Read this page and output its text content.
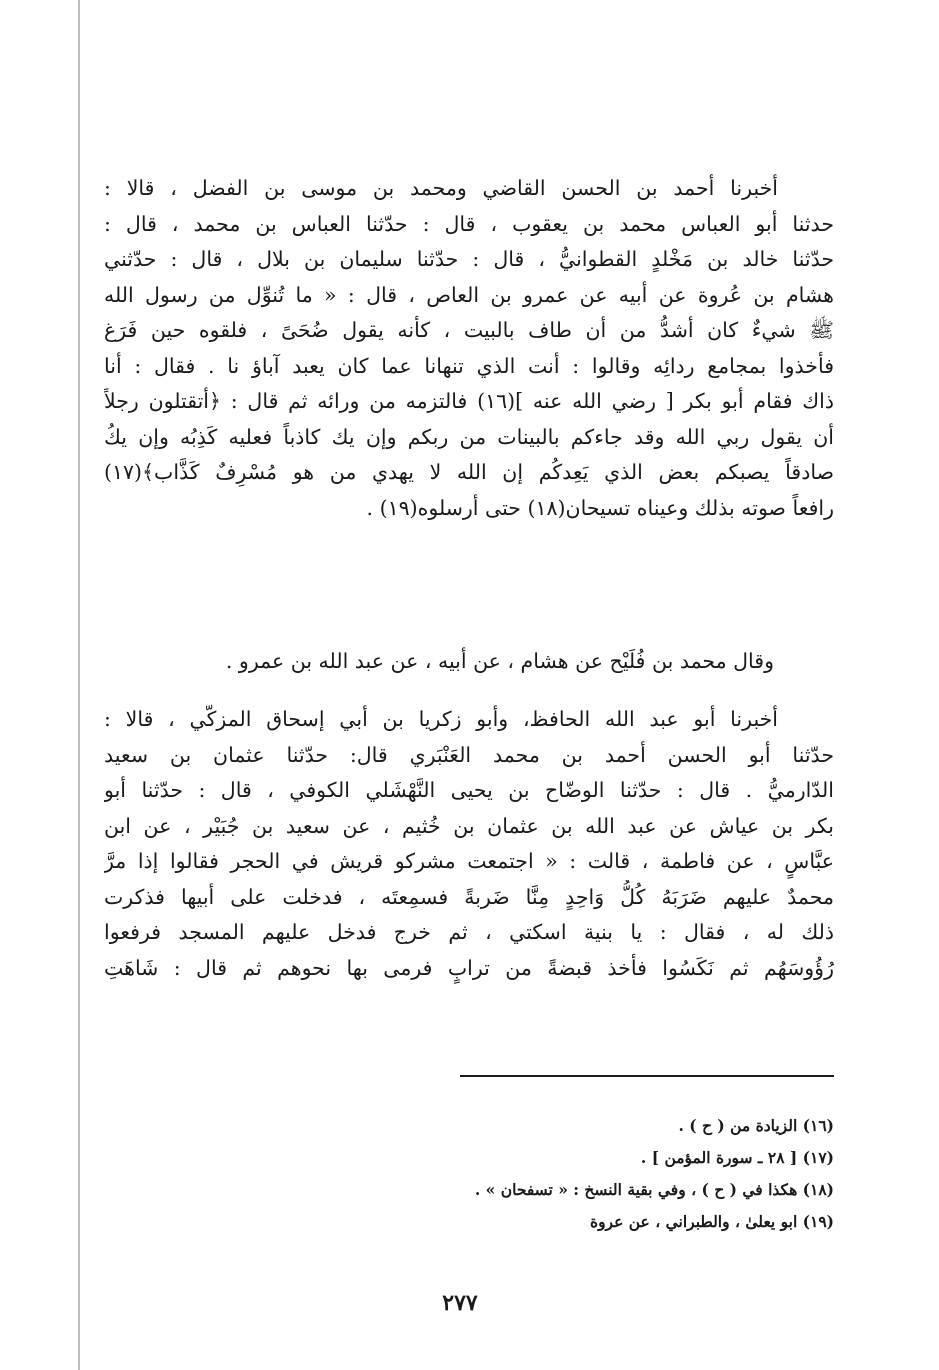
أخبرنا أحمد بن الحسن القاضي ومحمد بن موسى بن الفضل ، قالا :
حدثنا أبو العباس محمد بن يعقوب ، قال : حدّثنا العباس بن محمد ، قال :
حدّثنا خالد بن مَخْلدٍ القطوانيُّ ، قال : حدّثنا سليمان بن بلال ، قال : حدّثني
هشام بن عُروة عن أبيه عن عمرو بن العاص ، قال : « ما تُنوِّل من رسول الله
ﷺ شيءٌ كان أشدُّ من أن طاف بالبيت ، كأنه يقول ضُحَىً ، فلقوه حين فَرَغ
فأخذوا بمجامع ردائِه وقالوا : أنت الذي تنهانا عما كان يعبد آباؤ نا . فقال : أنا
ذاك فقام أبو بكر [ رضي الله عنه ](١٦) فالتزمه من ورائه ثم قال : ﴿أتقتلون رجلاً
أن يقول ربي الله وقد جاءكم بالبينات من ربكم وإن يك كاذباً فعليه كَذِبُه وإن يكُ
صادقاً يصبكم بعض الذي يَعِدكُم إن الله لا يهدي من هو مُسْرِفٌ كَذَّاب﴾(١٧)
رافعاً صوته بذلك وعيناه تسيحان(١٨) حتى أرسلوه(١٩) .
وقال محمد بن فُلَيْح عن هشام ، عن أبيه ، عن عبد الله بن عمرو .
أخبرنا أبو عبد الله الحافظ، وأبو زكريا بن أبي إسحاق المزكّي ، قالا :
حدّثنا أبو الحسن أحمد بن محمد العَنْبَري قال: حدّثنا عثمان بن سعيد
الدّارميُّ . قال : حدّثنا الوضّاح بن يحيى النَّهْشَلي الكوفي ، قال : حدّثنا أبو
بكر بن عياش عن عبد الله بن عثمان بن خُثيم ، عن سعيد بن جُبَيْر ، عن ابن
عبَّاسٍ ، عن فاطمة ، قالت : « اجتمعت مشركو قريش في الحجر فقالوا إذا مرَّ
محمدٌ عليهم ضَرَبَهُ كُلُّ وَاحِدٍ مِنَّا ضَربةً فسمِعتَه ، فدخلت على أبيها فذكرت
ذلك له ، فقال : يا بنية اسكتي ، ثم خرج فدخل عليهم المسجد فرفعوا
رُؤُوسَهُم ثم نَكَسُوا فأخذ قبضةً من ترابٍ فرمى بها نحوهم ثم قال : شَاهَتِ
(١٦) الزيادة من ( ح ) .
(١٧) [ ٢٨ ـ سورة المؤمن ] .
(١٨) هكذا في ( ح ) ، وفي بقية النسخ : « تسفحان » .
(١٩) ابو يعلىٰ ، والطبراني ، عن عروة
٢٧٧
